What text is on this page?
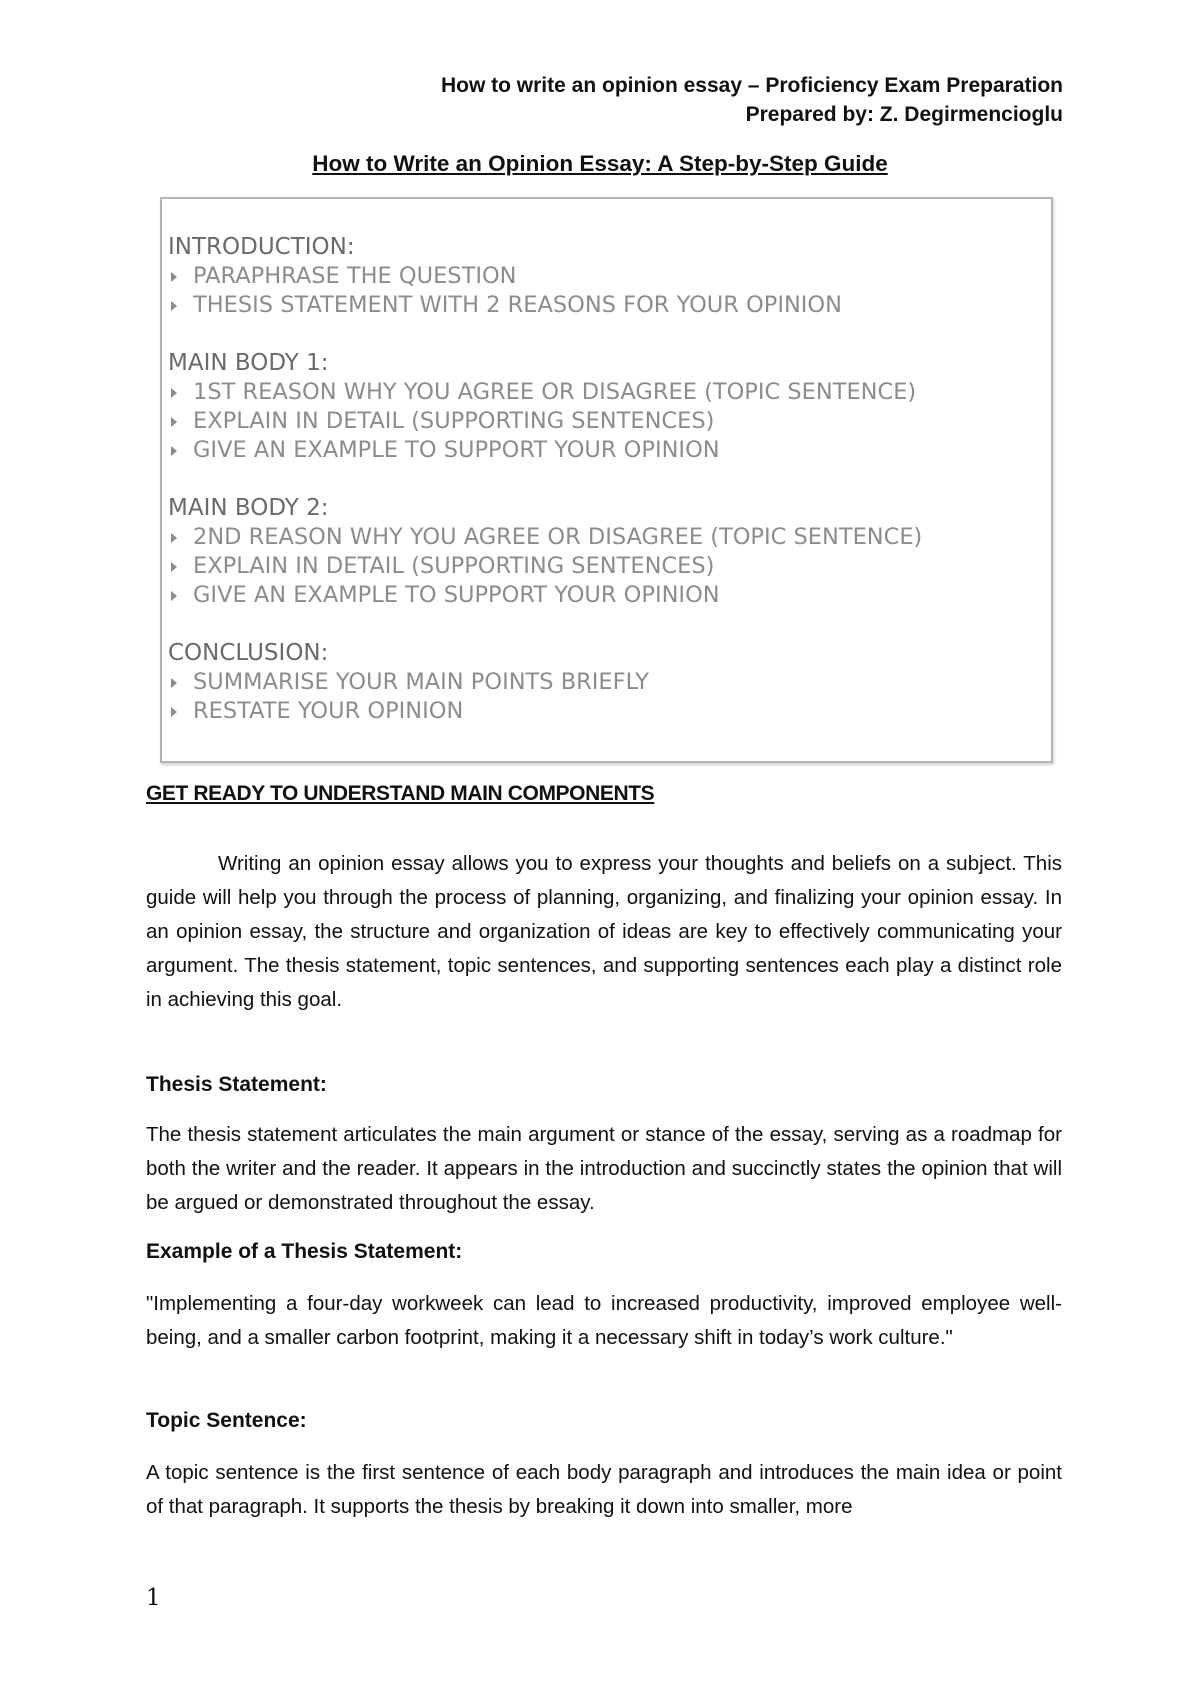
How to write an opinion essay – Proficiency Exam Preparation
Prepared by: Z. Degirmencioglu
How to Write an Opinion Essay: A Step-by-Step Guide
INTRODUCTION:
PARAPHRASE THE QUESTION
THESIS STATEMENT WITH 2 REASONS FOR YOUR OPINION
MAIN BODY 1:
1ST REASON WHY YOU AGREE OR DISAGREE (TOPIC SENTENCE)
EXPLAIN IN DETAIL (SUPPORTING SENTENCES)
GIVE AN EXAMPLE TO SUPPORT YOUR OPINION
MAIN BODY 2:
2ND REASON WHY YOU AGREE OR DISAGREE (TOPIC SENTENCE)
EXPLAIN IN DETAIL (SUPPORTING SENTENCES)
GIVE AN EXAMPLE TO SUPPORT YOUR OPINION
CONCLUSION:
SUMMARISE YOUR MAIN POINTS BRIEFLY
RESTATE YOUR OPINION
GET READY TO UNDERSTAND MAIN COMPONENTS
Writing an opinion essay allows you to express your thoughts and beliefs on a subject. This guide will help you through the process of planning, organizing, and finalizing your opinion essay. In an opinion essay, the structure and organization of ideas are key to effectively communicating your argument. The thesis statement, topic sentences, and supporting sentences each play a distinct role in achieving this goal.
Thesis Statement:
The thesis statement articulates the main argument or stance of the essay, serving as a roadmap for both the writer and the reader. It appears in the introduction and succinctly states the opinion that will be argued or demonstrated throughout the essay.
Example of a Thesis Statement:
"Implementing a four-day workweek can lead to increased productivity, improved employee well-being, and a smaller carbon footprint, making it a necessary shift in today’s work culture."
Topic Sentence:
A topic sentence is the first sentence of each body paragraph and introduces the main idea or point of that paragraph. It supports the thesis by breaking it down into smaller, more
1
